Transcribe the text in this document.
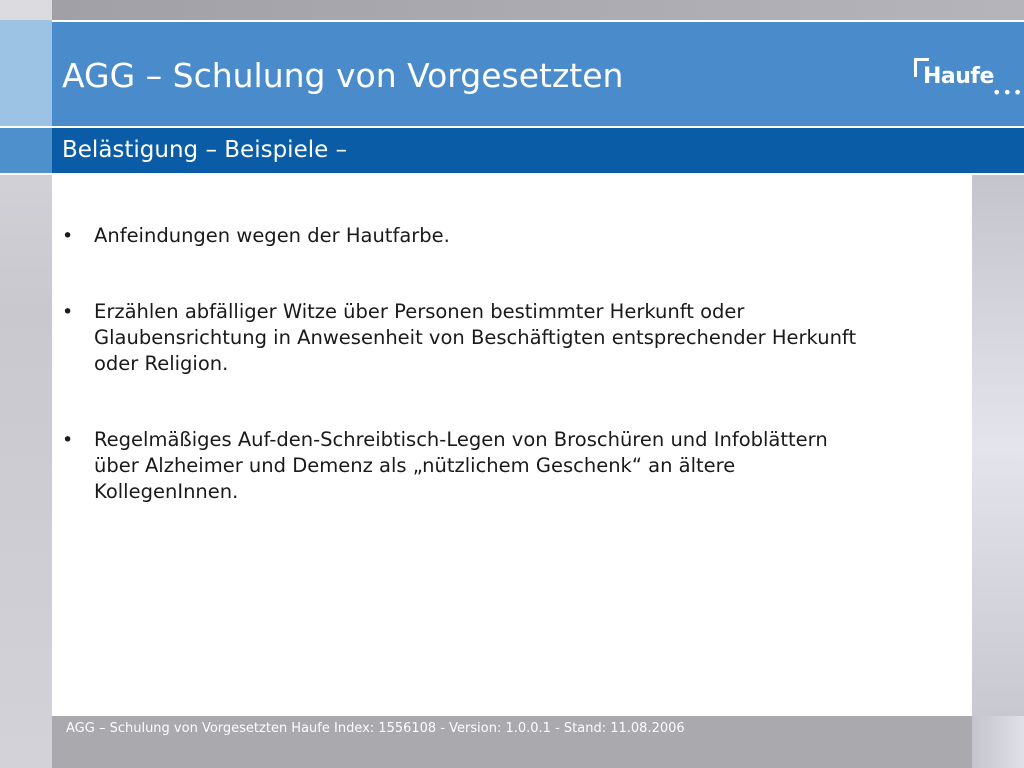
AGG – Schulung von Vorgesetzten	Haufe
•••
Belästigung – Beispiele –
• Anfeindungen wegen der Hautfarbe.
• Erzählen abfälliger Witze über Personen bestimmter Herkunft oder
Glaubensrichtung in Anwesenheit von Beschäftigten entsprechender Herkunft
oder Religion.
• Regelmäßiges Auf-den-Schreibtisch-Legen von Broschüren und Infoblättern
über Alzheimer und Demenz als „nützlichem Geschenk“ an ältere
KollegenInnen.
AGG – Schulung von Vorgesetzten Haufe Index: 1556108 - Version: 1.0.0.1 - Stand: 11.08.2006
